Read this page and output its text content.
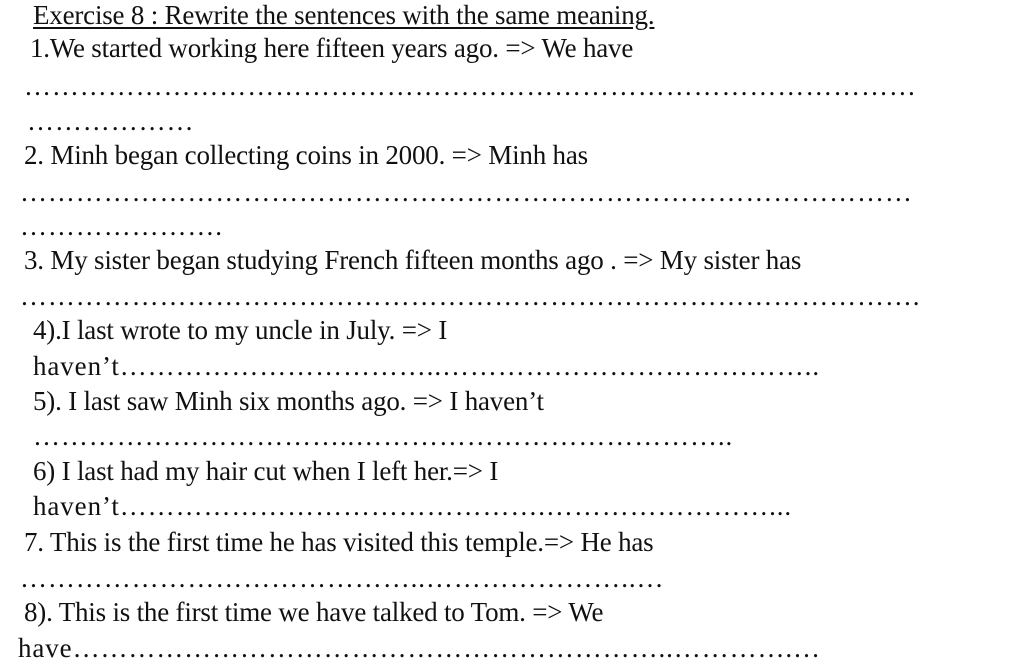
Exercise 8 : Rewrite the sentences with the same meaning.
1.We started working here fifteen years ago. => We have
……………………………………………………………………………………
………………
2. Minh began collecting coins in 2000. => Minh has
……………………………………………………………………………………
………………….
3. My sister began studying French fifteen months ago . => My sister has
…………………………………………………………………………………….
4).I last wrote to my uncle in July. => I
haven’t……………………………..…………………………………..
5). I last saw Minh six months ago. => I haven’t
……………………………..…………………………………..
6) I last had my hair cut when I left her.=> I
haven’t……………………………………….……………………...
7. This is the first time he has visited this temple.=> He has
……………………………………..…………………..…
8). This is the first time we have talked to Tom. => We
have………………………………………………………..………….…
